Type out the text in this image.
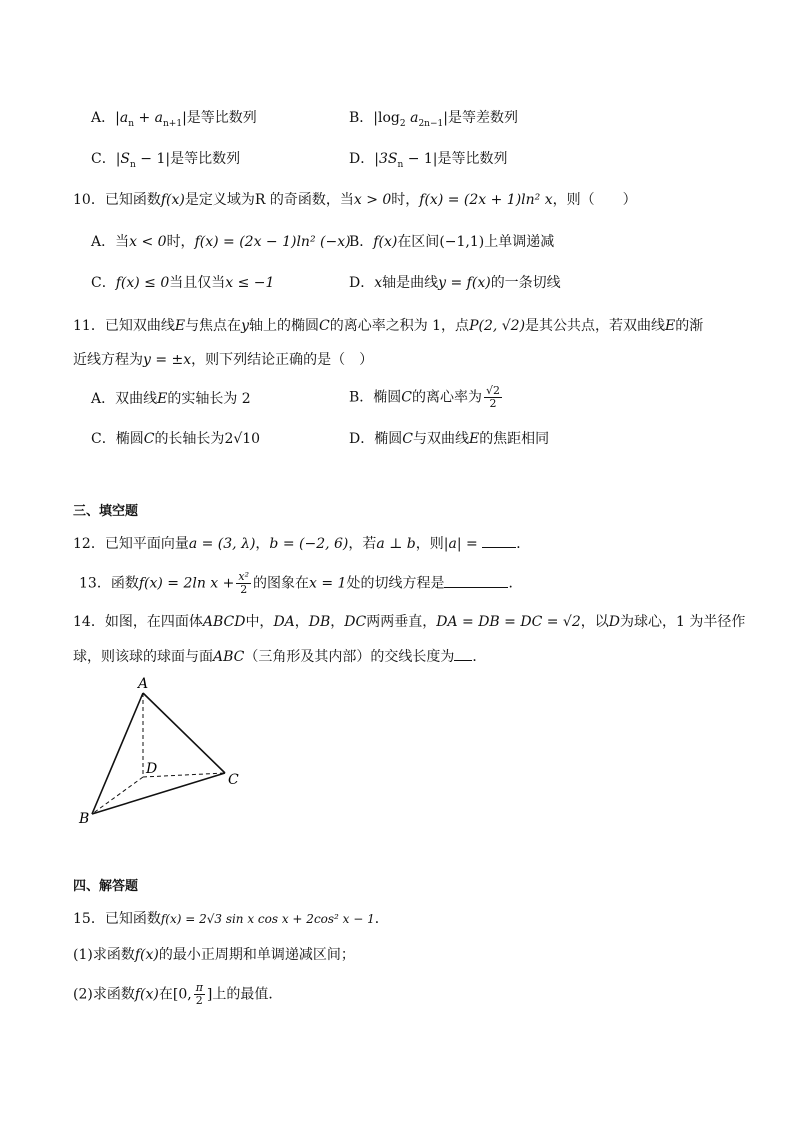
A．$|a_n + a_{n+1}|$是等比数列	B．$|\log_2$ $a_{2n-1}|$是等差数列
C．$|S_n - 1|$是等比数列	D．$|3S_n - 1|$是等比数列
10．已知函数f(x)是定义域为R 的奇函数，当x > 0时，f(x) = (2x + 1)ln² x，则（　　）
A．当x < 0时，f(x) = (2x − 1)ln² (−x)
B．f(x)在区间(−1,1)上单调递减
C．f(x) ≤ 0当且仅当x ≤ −1	D．x轴是曲线y = f(x)的一条切线
11．已知双曲线E与焦点在y轴上的椭圆C的离心率之积为 1，点P(2, √2)是其公共点，若双曲线E的渐
近线方程为y = ±x，则下列结论正确的是（　）
A．双曲线E的实轴长为 2	B．椭圆C的离心率为 $\frac{√2}{2}$
C．椭圆C的长轴长为2√10	D．椭圆C与双曲线E的焦距相同
三、填空题
12．已知平面向量a = (3, λ)，b = (−2, 6)，若a ⊥ b，则|a| =	．
13．函数f(x) = 2ln $x + \frac{\text{x²}}{2}$ 的图象在x = 1处的切线方程是	．
14．如图，在四面体ABCD中，DA，DB，DC两两垂直，DA = DB = DC = √2，以D为球心，1 为半径作
球，则该球的球面与面ABC（三角形及其内部）的交线长度为 ．
A
B
C
D
四、解答题
15．已知函数f(x) = 2√3 sin x cos x + 2cos² x − 1．
(1)求函数f(x)的最小正周期和单调递减区间；
(2)求函数f(x)在[0, $\frac{\pi}{2}$ ]上的最值．
